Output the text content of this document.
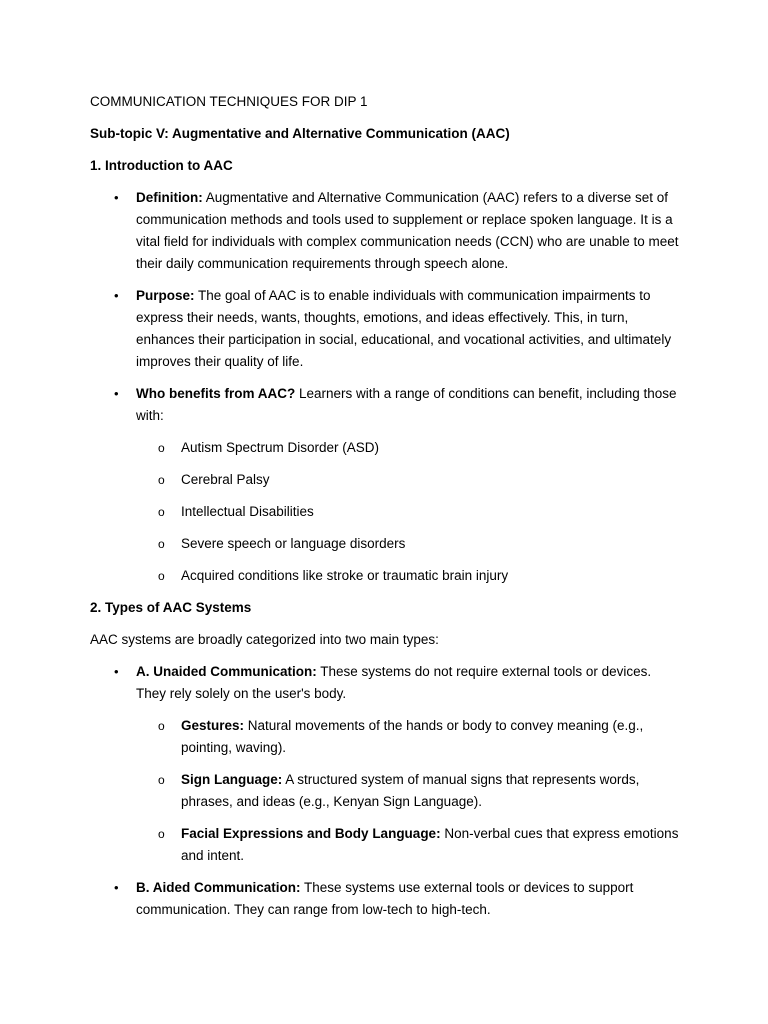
COMMUNICATION TECHNIQUES FOR DIP 1

Sub-topic V: Augmentative and Alternative Communication (AAC)

1. Introduction to AAC

• Definition: Augmentative and Alternative Communication (AAC) refers to a diverse set of communication methods and tools used to supplement or replace spoken language. It is a vital field for individuals with complex communication needs (CCN) who are unable to meet their daily communication requirements through speech alone.
• Purpose: The goal of AAC is to enable individuals with communication impairments to express their needs, wants, thoughts, emotions, and ideas effectively. This, in turn, enhances their participation in social, educational, and vocational activities, and ultimately improves their quality of life.
• Who benefits from AAC? Learners with a range of conditions can benefit, including those with:
o Autism Spectrum Disorder (ASD)
o Cerebral Palsy
o Intellectual Disabilities
o Severe speech or language disorders
o Acquired conditions like stroke or traumatic brain injury

2. Types of AAC Systems

AAC systems are broadly categorized into two main types:

• A. Unaided Communication: These systems do not require external tools or devices. They rely solely on the user's body.
o Gestures: Natural movements of the hands or body to convey meaning (e.g., pointing, waving).
o Sign Language: A structured system of manual signs that represents words, phrases, and ideas (e.g., Kenyan Sign Language).
o Facial Expressions and Body Language: Non-verbal cues that express emotions and intent.
• B. Aided Communication: These systems use external tools or devices to support communication. They can range from low-tech to high-tech.
